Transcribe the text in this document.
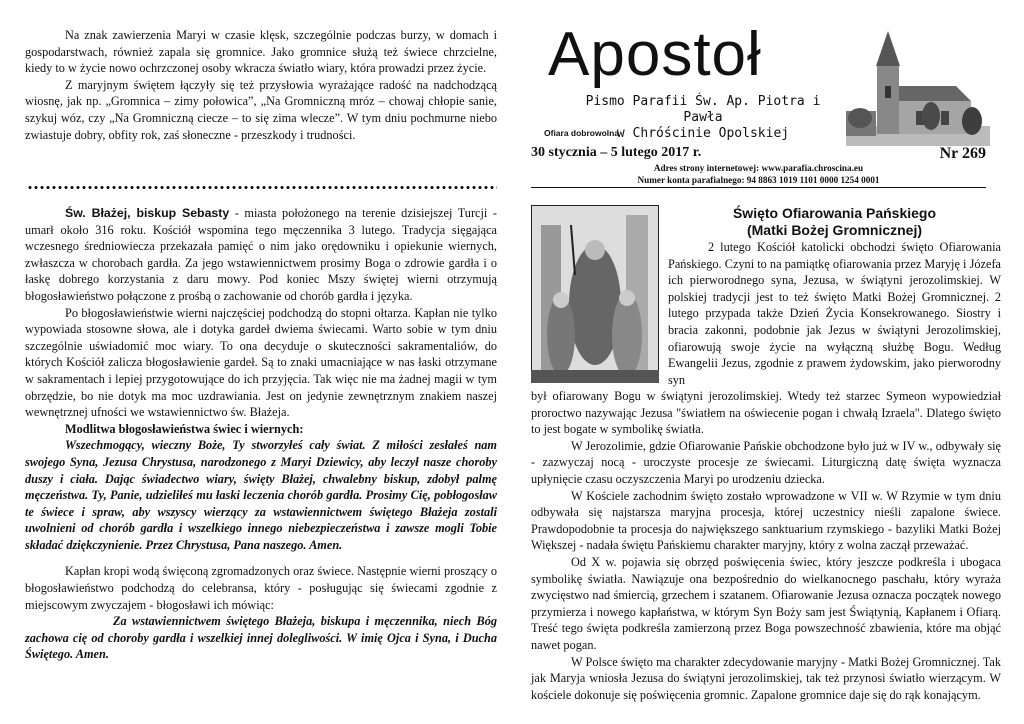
Na znak zawierzenia Maryi w czasie klęsk, szczególnie podczas burzy, w domach i gospodarstwach, również zapala się gromnice. Jako gromnice służą też świece chrzcielne, kiedy to w życie nowo ochrzczonej osoby wkracza światło wiary, która prowadzi przez życie.

Z maryjnym świętem łączyły się też przysłowia wyrażające radość na nadchodzącą wiosnę, jak np. „Gromnica – zimy połowica”, „Na Gromniczną mróz – chowaj chłopie sanie, szykuj wóz, czy „Na Gromniczną ciecze – to się zima wlecze”. W tym dniu pochmurne niebo zwiastuje dobry, obfity rok, zaś słoneczne - przeszkody i trudności.

Św. Błażej, biskup Sebasty - miasta położonego na terenie dzisiejszej Turcji - umarł około 316 roku. Kościół wspomina tego męczennika 3 lutego. Tradycja sięgająca wczesnego średniowiecza przekazała pamięć o nim jako orędowniku i opiekunie wiernych, zwłaszcza w chorobach gardła. Za jego wstawiennictwem prosimy Boga o zdrowie gardła i o łaskę dobrego korzystania z daru mowy. Pod koniec Mszy świętej wierni otrzymują błogosławieństwo połączone z prośbą o zachowanie od chorób gardła i języka.

Po błogosławieństwie wierni najczęściej podchodzą do stopni ołtarza. Kapłan nie tylko wypowiada stosowne słowa, ale i dotyka gardeł dwiema świecami. Warto sobie w tym dniu szczególnie uświadomić moc wiary. To ona decyduje o skuteczności sakramentaliów, do których Kościół zalicza błogosławienie gardeł. Są to znaki umacniające w nas łaski otrzymane w sakramentach i lepiej przygotowujące do ich przyjęcia. Tak więc nie ma żadnej magii w tym obrzędzie, bo nie dotyk ma moc uzdrawiania. Jest on jedynie zewnętrznym znakiem naszej wewnętrznej ufności we wstawiennictwo św. Błażeja.

Modlitwa błogosławieństwa świec i wiernych:

Wszechmogący, wieczny Boże, Ty stworzyłeś cały świat. Z miłości zesłałeś nam swojego Syna, Jezusa Chrystusa, narodzonego z Maryi Dziewicy, aby leczył nasze choroby duszy i ciała. Dając świadectwo wiary, święty Błażej, chwalebny biskup, zdobył palmę męczeństwa. Ty, Panie, udzieliłeś mu łaski leczenia chorób gardła. Prosimy Cię, pobłogosław te świece i spraw, aby wszyscy wierzący za wstawiennictwem świętego Błażeja zostali uwolnieni od chorób gardła i wszelkiego innego niebezpieczeństwa i zawsze mogli Tobie składać dziękczynienie. Przez Chrystusa, Pana naszego. Amen.

Kapłan kropi wodą święconą zgromadzonych oraz świece. Następnie wierni proszący o błogosławieństwo podchodzą do celebransa, który - posługując się świecami zgodnie z miejscowym zwyczajem - błogosławi ich mówiąc:

Za wstawiennictwem świętego Błażeja, biskupa i męczennika, niech Bóg zachowa cię od choroby gardła i wszelkiej innej dolegliwości. W imię Ojca i Syna, i Ducha Świętego. Amen.

Apostoł
Pismo Parafii Św. Ap. Piotra i Pawła
w Chróścinie Opolskiej
Ofiara dobrowolna
30 stycznia – 5 lutego 2017 r.	Nr 269
Adres strony internetowej: www.parafia.chroscina.eu
Numer konta parafialnego: 94 8863 1019 1101 0000 1254 0001
Święto Ofiarowania Pańskiego
(Matki Bożej Gromnicznej)

2 lutego Kościół katolicki obchodzi święto Ofiarowania Pańskiego. Czyni to na pamiątkę ofiarowania przez Maryję i Józefa ich pierworodnego syna, Jezusa, w świątyni jerozolimskiej. W polskiej tradycji jest to też święto Matki Bożej Gromnicznej. 2 lutego przypada także Dzień Życia Konsekrowanego. Siostry i bracia zakonni, podobnie jak Jezus w świątyni Jerozolimskiej, ofiarowują swoje życie na wyłączną służbę Bogu. Według Ewangelii Jezus, zgodnie z prawem żydowskim, jako pierworodny syn

był ofiarowany Bogu w świątyni jerozolimskiej. Wtedy też starzec Symeon wypowiedział proroctwo nazywając Jezusa "światłem na oświecenie pogan i chwałą Izraela". Dlatego święto to jest bogate w symbolikę światła.

W Jerozolimie, gdzie Ofiarowanie Pańskie obchodzone było już w IV w., odbywały się - zazwyczaj nocą - uroczyste procesje ze świecami. Liturgiczną datę święta wyznacza upłynięcie czasu oczyszczenia Maryi po urodzeniu dziecka.

W Kościele zachodnim święto zostało wprowadzone w VII w. W Rzymie w tym dniu odbywała się najstarsza maryjna procesja, której uczestnicy nieśli zapalone świece. Prawdopodobnie ta procesja do największego sanktuarium rzymskiego - bazyliki Matki Bożej Większej - nadała świętu Pańskiemu charakter maryjny, który z wolna zaczął przeważać.

Od X w. pojawia się obrzęd poświęcenia świec, który jeszcze podkreśla i ubogaca symbolikę światła. Nawiązuje ona bezpośrednio do wielkanocnego paschału, który wyraża zwycięstwo nad śmiercią, grzechem i szatanem. Ofiarowanie Jezusa oznacza początek nowego przymierza i nowego kapłaństwa, w którym Syn Boży sam jest Świątynią, Kapłanem i Ofiarą. Treść tego święta podkreśla zamierzoną przez Boga powszechność zbawienia, które ma objąć nawet pogan.

W Polsce święto ma charakter zdecydowanie maryjny - Matki Bożej Gromnicznej. Tak jak Maryja wniosła Jezusa do świątyni jerozolimskiej, tak też przynosi światło wierzącym. W kościele dokonuje się poświęcenia gromnic. Zapalone gromnice daje się do rąk konającym.
